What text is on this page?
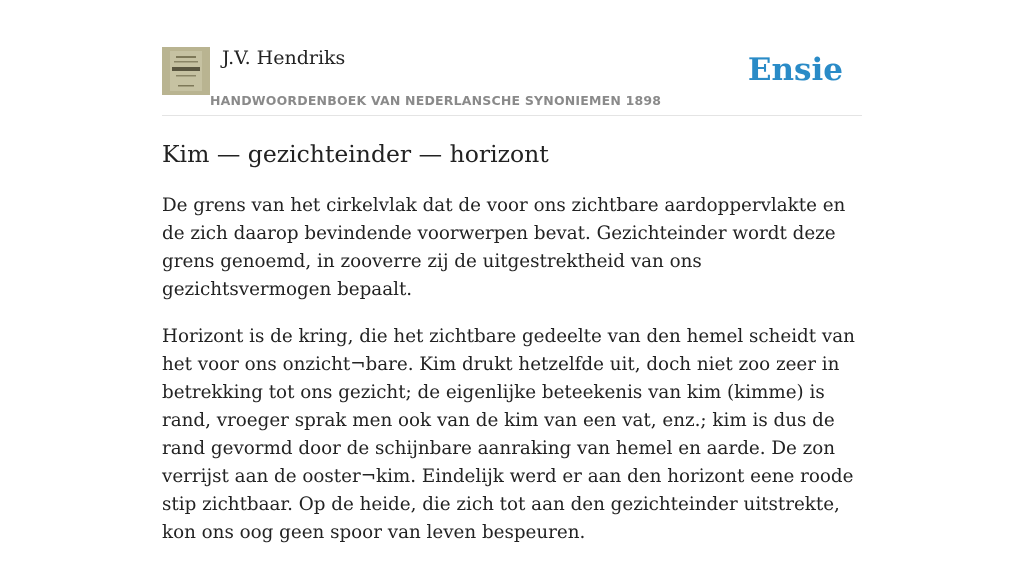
J.V. Hendriks
HANDWOORDENBOEK VAN NEDERLANSCHE SYNONIEMEN 1898
Ensie
Kim — gezichteinder — horizont

De grens van het cirkelvlak dat de voor ons zichtbare aardoppervlakte en de zich daarop bevindende voorwerpen bevat. Gezichteinder wordt deze grens genoemd, in zooverre zij de uitgestrektheid van ons gezichtsvermogen bepaalt.

Horizont is de kring, die het zichtbare gedeelte van den hemel scheidt van het voor ons onzicht¬bare. Kim drukt hetzelfde uit, doch niet zoo zeer in betrekking tot ons gezicht; de eigenlijke beteekenis van kim (kimme) is rand, vroeger sprak men ook van de kim van een vat, enz.; kim is dus de rand gevormd door de schijnbare aanraking van hemel en aarde. De zon verrijst aan de ooster¬kim. Eindelijk werd er aan den horizont eene roode stip zichtbaar. Op de heide, die zich tot aan den gezichteinder uitstrekte, kon ons oog geen spoor van leven bespeuren.
